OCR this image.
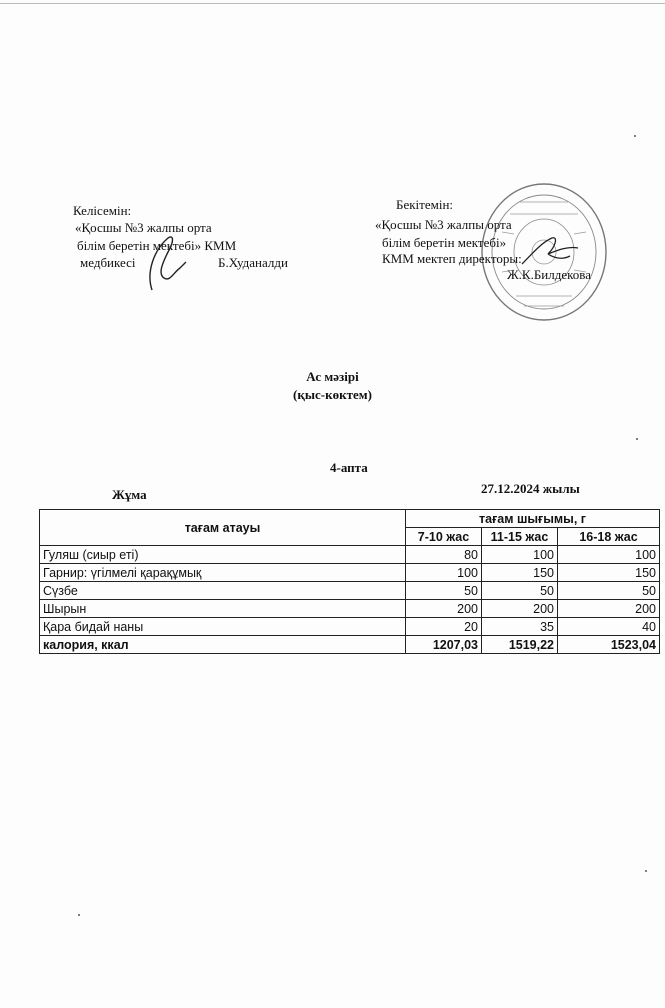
Келісемін:
«Қосшы №3 жалпы орта
білім беретін мектебі» КММ
медбикесі	Б.Худаналди
Бекітемін:
«Қосшы №3 жалпы орта
білім беретін мектебі»
КММ мектеп директоры:
Ж.К.Билдекова
Ас мәзірі
(қыс-көктем)
4-апта
Жұма	27.12.2024 жылы
тағам атауы	тағам шығымы, г		
	7-10 жас	11-15 жас	16-18 жас
Гуляш (сиыр еті)	80	100	100
Гарнир: үгілмелі қарақұмық	100	150	150
Сүзбе	50	50	50
Шырын	200	200	200
Қара бидай наны	20	35	40
калория, ккал	1207,03	1519,22	1523,04
